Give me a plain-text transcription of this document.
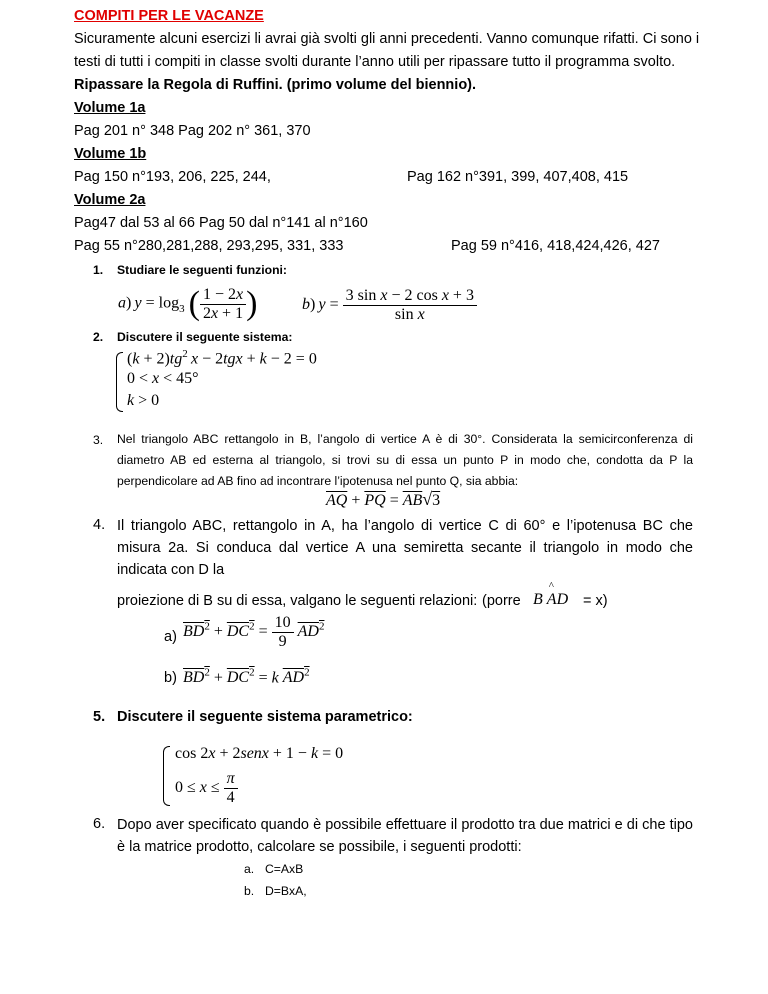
COMPITI PER LE VACANZE
Sicuramente alcuni esercizi li avrai già svolti gli anni precedenti. Vanno comunque rifatti. Ci sono i
testi di tutti i compiti in classe svolti durante l’anno utili per ripassare tutto il programma svolto.
Ripassare la Regola di Ruffini. (primo volume del biennio).
Volume 1a
Pag 201 n° 348 Pag 202 n° 361, 370
Volume 1b
Pag 150 n°193, 206, 225, 244,	Pag 162 n°391, 399, 407,408, 415
Volume 2a
Pag47 dal 53 al 66 Pag 50 dal n°141 al n°160
Pag 55 n°280,281,288, 293,295, 331, 333	Pag 59 n°416, 418,424,426, 427
1. Studiare le seguenti funzioni:
a) $y = \log_3$ ( $\frac{1 - 2x}{2x + 1}$ )	b) $y = \frac{\text{3 sin x − 2 cos x + 3}}{\text{sin x}}$
2. Discutere il seguente sistema:
$(k + 2)tg^2$  x − 2tgx + k − 2 = 0
0 < x < 45°
k > 0
3. Nel triangolo ABC rettangolo in B, l’angolo di vertice A è di 30°. Considerata la semicirconferenza di diametro AB ed esterna al triangolo, si trovi su di essa un punto P in modo che, condotta da P la perpendicolare ad AB fino ad incontrare l’ipotenusa nel punto Q, sia abbia:
$\overline{AQ} + \overline{PQ} = \overline{AB}√3$
4. Il triangolo ABC, rettangolo in A, ha l’angolo di vertice C di 60° e l’ipotenusa BC che misura 2a. Si conduca dal vertice A una semiretta secante il triangolo in modo che indicata con D la
proiezione di B su di essa, valgano le seguenti relazioni: (porre B
^
AD = x)
a) $BD^2 + DC^2 = \frac{10}{9} AD^2$
b) $BD^2 + DC^2 = k$ $AD^2$
5. Discutere il seguente sistema parametrico:
cos 2x + 2senx + 1 − k = 0
$0 \le x \le \frac{\pi}{4}$
6. Dopo aver specificato quando è possibile effettuare il prodotto tra due matrici e di che tipo è la matrice prodotto, calcolare se possibile, i seguenti prodotti:
a. C=AxB
b. D=BxA,
